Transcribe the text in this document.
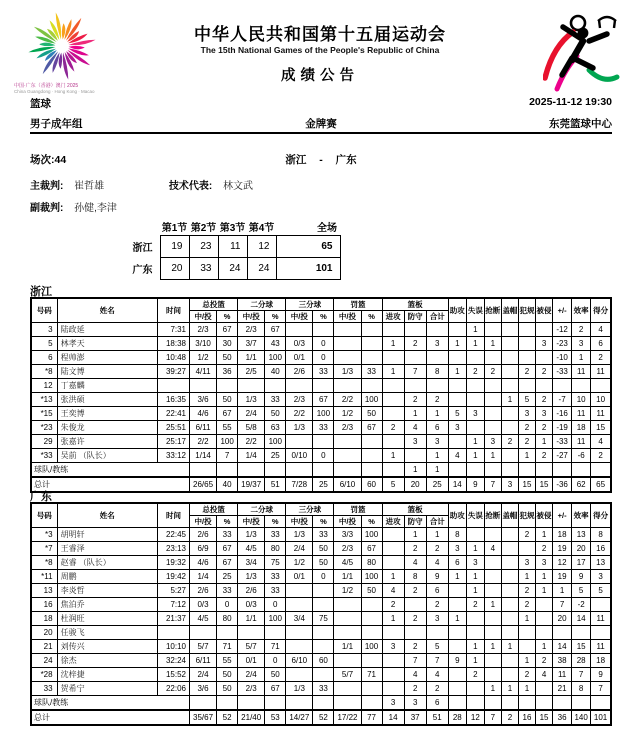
中国·广东（香港）澳门 2025
China Guangdong · Hong Kong · Macao
中华人民共和国第十五届运动会
The 15th National Games of the People's Republic of China
成绩公告
篮球	2025-11-12 19:30
男子成年组	金牌赛	东莞篮球中心
场次:44	浙江 - 广东
主裁判: 崔哲雄	技术代表: 林文武
副裁判: 孙健,李津
	第1节	第2节	第3节	第4节	全场
浙江	19	23	11	12	65
广东	20	33	24	24	101
浙江
号码	姓名	时间	总投篮		二分球		三分球		罚篮		篮板			助攻	失误	抢断	盖帽	犯规	被侵	+/-	效率	得分
			中/投	%	中/投	%	中/投	%	中/投	%	进攻	防守	合计									
3	陆政延	7:31	2/3	67	2/3	67									1					-12	2	4
5	林孝天	18:38	3/10	30	3/7	43	0/3	0			1	2	3	1	1	1			3	-23	3	6
6	程帅澎	10:48	1/2	50	1/1	100	0/1	0												-10	1	2
*8	陆文博	39:27	4/11	36	2/5	40	2/6	33	1/3	33	1	7	8	1	2	2		2	2	-33	11	11
12	丁嘉麟																					
*13	张洪硕	16:35	3/6	50	1/3	33	2/3	67	2/2	100		2	2				1	5	2	-7	10	10
*15	王奕博	22:41	4/6	67	2/4	50	2/2	100	1/2	50		1	1	5	3			3	3	-16	11	11
*23	朱俊龙	25:51	6/11	55	5/8	63	1/3	33	2/3	67	2	4	6	3				2	2	-19	18	15
29	张嘉许	25:17	2/2	100	2/2	100						3	3		1	3	2	2	1	-33	11	4
*33	吴前 （队长）	33:12	1/14	7	1/4	25	0/10	0			1		1	4	1	1		1	2	-27	-6	2
球队/教练												1	1									
总计			26/65	40	19/37	51	7/28	25	6/10	60	5	20	25	14	9	7	3	15	15	-36	62	65
广东
号码	姓名	时间	总投篮		二分球		三分球		罚篮		篮板			助攻	失误	抢断	盖帽	犯规	被侵	+/-	效率	得分
			中/投	%	中/投	%	中/投	%	中/投	%	进攻	防守	合计									
*3	胡明轩	22:45	2/6	33	1/3	33	1/3	33	3/3	100		1	1	8				2	1	18	13	8
*7	王睿泽	23:13	6/9	67	4/5	80	2/4	50	2/3	67		2	2	3	1	4			2	19	20	16
*8	赵睿 （队长）	19:32	4/6	67	3/4	75	1/2	50	4/5	80		4	4	6	3			3	3	12	17	13
*11	周鹏	19:42	1/4	25	1/3	33	0/1	0	1/1	100	1	8	9	1	1			1	1	19	9	3
13	李炎哲	5:27	2/6	33	2/6	33			1/2	50	4	2	6		1			2	1	1	5	5
16	焦泊乔	7:12	0/3	0	0/3	0					2		2		2	1		2		7	-2	
18	杜润旺	21:37	4/5	80	1/1	100	3/4	75			1	2	3	1				1		20	14	11
20	任骏飞																					
21	刘传兴	10:10	5/7	71	5/7	71			1/1	100	3	2	5		1	1	1		1	14	15	11
24	徐杰	32:24	6/11	55	0/1	0	6/10	60				7	7	9	1			1	2	38	28	18
*28	沈梓捷	15:52	2/4	50	2/4	50			5/7	71		4	4		2			2	4	11	7	9
33	贺希宁	22:06	3/6	50	2/3	67	1/3	33				2	2			1	1	1		21	8	7
球队/教练											3	3	6									
总计			35/67	52	21/40	53	14/27	52	17/22	77	14	37	51	28	12	7	2	16	15	36	140	101
